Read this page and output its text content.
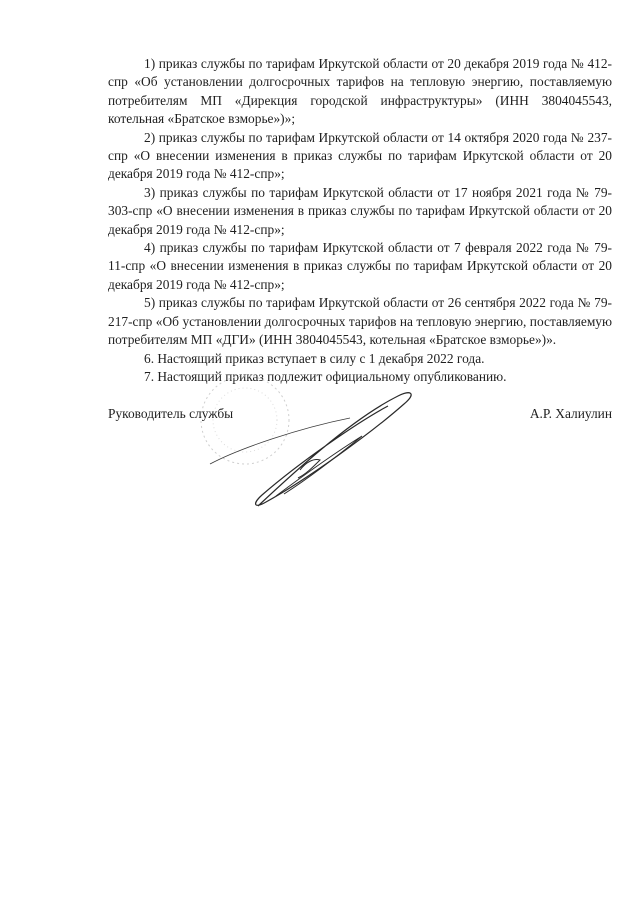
1) приказ службы по тарифам Иркутской области от 20 декабря 2019 года № 412-спр «Об установлении долгосрочных тарифов на тепловую энергию, поставляемую потребителям МП «Дирекция городской инфраструктуры» (ИНН 3804045543, котельная «Братское взморье»)»;

2) приказ службы по тарифам Иркутской области от 14 октября 2020 года № 237-спр «О внесении изменения в приказ службы по тарифам Иркутской области от 20 декабря 2019 года № 412-спр»;

3) приказ службы по тарифам Иркутской области от 17 ноября 2021 года № 79-303-спр «О внесении изменения в приказ службы по тарифам Иркутской области от 20 декабря 2019 года № 412-спр»;

4) приказ службы по тарифам Иркутской области от 7 февраля 2022 года № 79-11-спр «О внесении изменения в приказ службы по тарифам Иркутской области от 20 декабря 2019 года № 412-спр»;

5) приказ службы по тарифам Иркутской области от 26 сентября 2022 года № 79-217-спр «Об установлении долгосрочных тарифов на тепловую энергию, поставляемую потребителям МП «ДГИ» (ИНН 3804045543, котельная «Братское взморье»)».

6. Настоящий приказ вступает в силу с 1 декабря 2022 года.

7. Настоящий приказ подлежит официальному опубликованию.

Руководитель службы	А.Р. Халиулин
